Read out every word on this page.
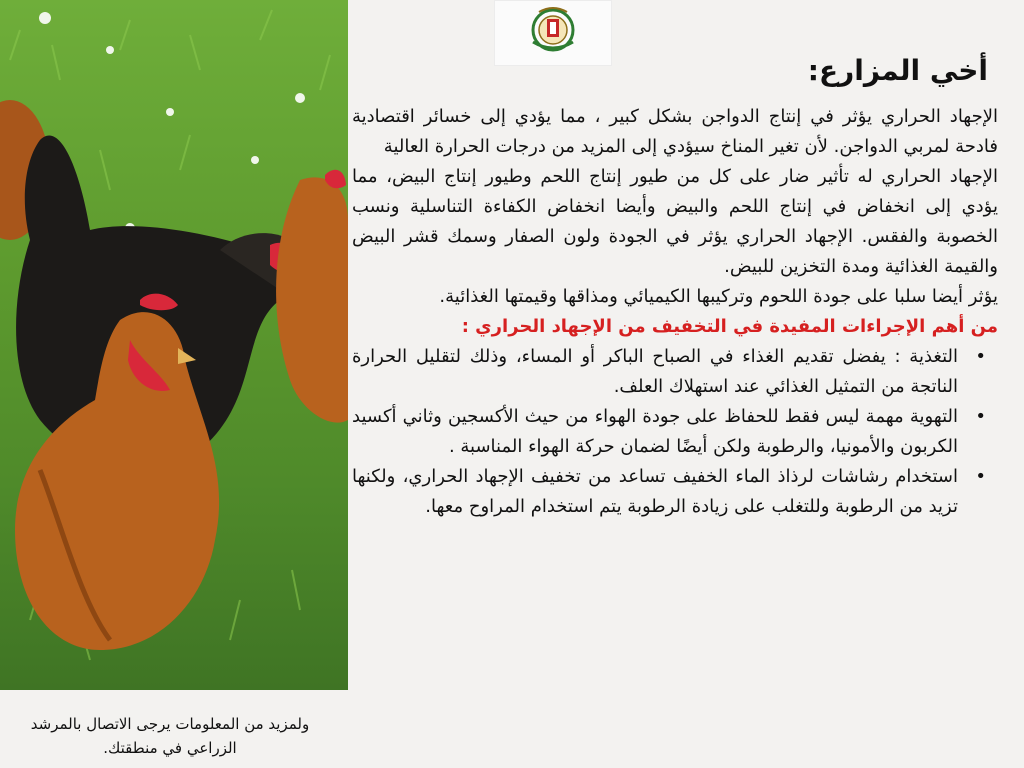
ولمزيد من المعلومات يرجى الاتصال بالمرشد الزراعي في منطقتك.
أخي المزارع:

الإجهاد الحراري يؤثر في إنتاج الدواجن بشكل كبير ، مما يؤدي إلى خسائر اقتصادية فادحة لمربي الدواجن. لأن تغير المناخ سيؤدي إلى المزيد من درجات الحرارة العالية

الإجهاد الحراري له تأثير ضار على كل من طيور إنتاج اللحم وطيور إنتاج البيض، مما يؤدي إلى انخفاض في إنتاج اللحم والبيض وأيضا انخفاض الكفاءة التناسلية ونسب الخصوبة والفقس. الإجهاد الحراري يؤثر في الجودة ولون الصفار وسمك قشر البيض والقيمة الغذائية ومدة التخزين للبيض.

يؤثر أيضا سلبا على جودة اللحوم وتركيبها الكيميائي ومذاقها وقيمتها الغذائية.

من أهم الإجراءات المفيدة في التخفيف من الإجهاد الحراري :

•
التغذية : يفضل تقديم الغذاء في الصباح الباكر أو المساء، وذلك لتقليل الحرارة الناتجة من التمثيل الغذائي عند استهلاك العلف.
•
التهوية مهمة ليس فقط للحفاظ على جودة الهواء من حيث الأكسجين وثاني أكسيد الكربون والأمونيا، والرطوبة ولكن أيضًا لضمان حركة الهواء المناسبة .
•
استخدام رشاشات لرذاذ الماء الخفيف تساعد من تخفيف الإجهاد الحراري، ولكنها تزيد من الرطوبة وللتغلب على زيادة الرطوبة يتم استخدام المراوح معها.
